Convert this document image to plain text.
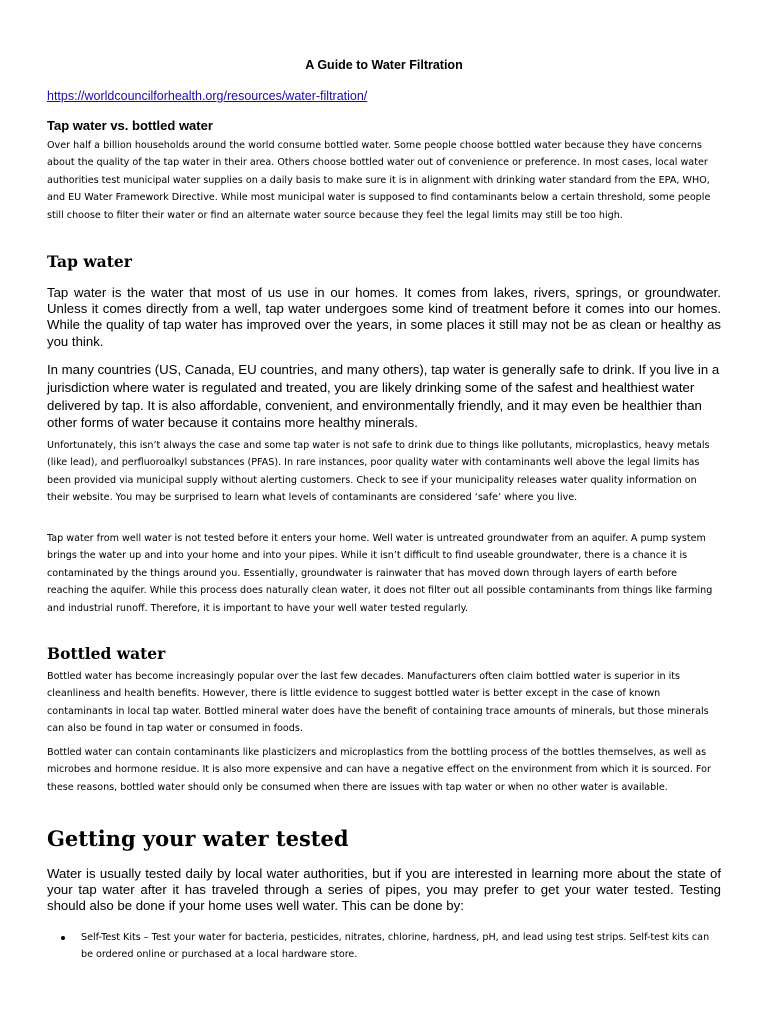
A Guide to Water Filtration
https://worldcouncilforhealth.org/resources/water-filtration/
Tap water vs. bottled water

Over half a billion households around the world consume bottled water. Some people choose bottled water because they have concerns about the quality of the tap water in their area. Others choose bottled water out of convenience or preference. In most cases, local water authorities test municipal water supplies on a daily basis to make sure it is in alignment with drinking water standard from the EPA, WHO, and EU Water Framework Directive. While most municipal water is supposed to find contaminants below a certain threshold, some people still choose to filter their water or find an alternate water source because they feel the legal limits may still be too high.

Tap water

Tap water is the water that most of us use in our homes. It comes from lakes, rivers, springs, or groundwater. Unless it comes directly from a well, tap water undergoes some kind of treatment before it comes into our homes. While the quality of tap water has improved over the years, in some places it still may not be as clean or healthy as you think.

In many countries (US, Canada, EU countries, and many others), tap water is generally safe to drink. If you live in a jurisdiction where water is regulated and treated, you are likely drinking some of the safest and healthiest water delivered by tap. It is also affordable, convenient, and environmentally friendly, and it may even be healthier than other forms of water because it contains more healthy minerals.

Unfortunately, this isn’t always the case and some tap water is not safe to drink due to things like pollutants, microplastics, heavy metals (like lead), and perfluoroalkyl substances (PFAS). In rare instances, poor quality water with contaminants well above the legal limits has been provided via municipal supply without alerting customers. Check to see if your municipality releases water quality information on their website. You may be surprised to learn what levels of contaminants are considered ‘safe’ where you live.

Tap water from well water is not tested before it enters your home. Well water is untreated groundwater from an aquifer. A pump system brings the water up and into your home and into your pipes. While it isn’t difficult to find useable groundwater, there is a chance it is contaminated by the things around you. Essentially, groundwater is rainwater that has moved down through layers of earth before reaching the aquifer. While this process does naturally clean water, it does not filter out all possible contaminants from things like farming and industrial runoff. Therefore, it is important to have your well water tested regularly.

Bottled water

Bottled water has become increasingly popular over the last few decades. Manufacturers often claim bottled water is superior in its cleanliness and health benefits. However, there is little evidence to suggest bottled water is better except in the case of known contaminants in local tap water. Bottled mineral water does have the benefit of containing trace amounts of minerals, but those minerals can also be found in tap water or consumed in foods.

Bottled water can contain contaminants like plasticizers and microplastics from the bottling process of the bottles themselves, as well as microbes and hormone residue. It is also more expensive and can have a negative effect on the environment from which it is sourced. For these reasons, bottled water should only be consumed when there are issues with tap water or when no other water is available.

Getting your water tested

Water is usually tested daily by local water authorities, but if you are interested in learning more about the state of your tap water after it has traveled through a series of pipes, you may prefer to get your water tested. Testing should also be done if your home uses well water. This can be done by:

Self-Test Kits – Test your water for bacteria, pesticides, nitrates, chlorine, hardness, pH, and lead using test strips. Self-test kits can be ordered online or purchased at a local hardware store.
